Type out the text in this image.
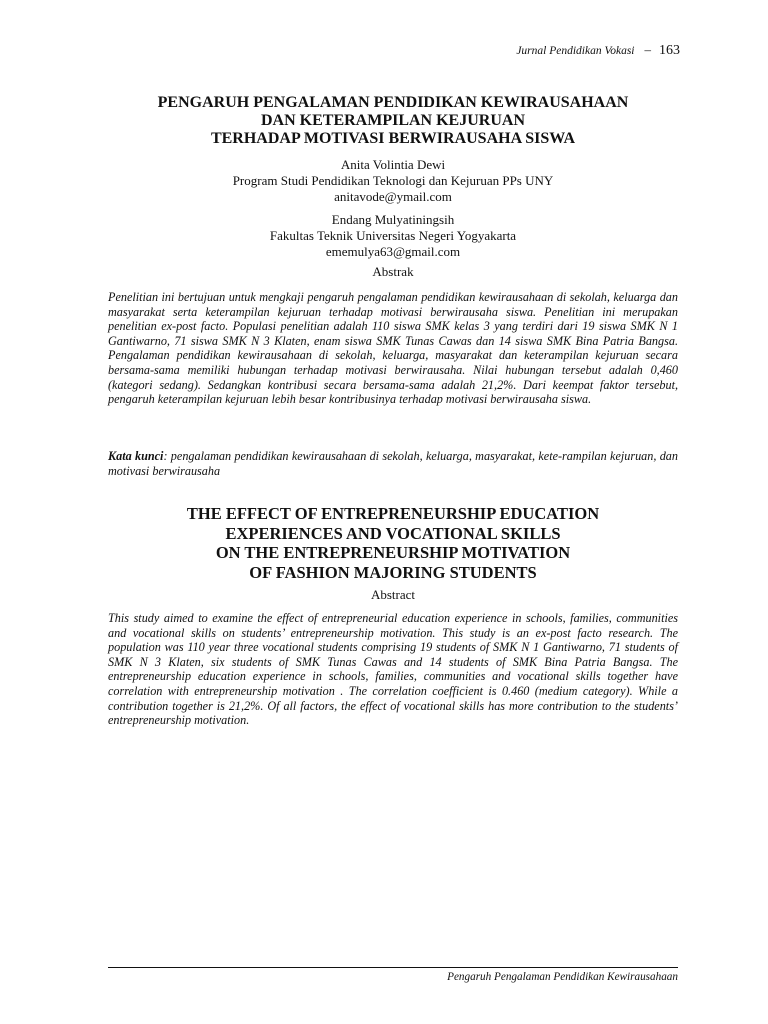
Jurnal Pendidikan Vokasi – 163
PENGARUH PENGALAMAN PENDIDIKAN KEWIRAUSAHAAN
DAN KETERAMPILAN KEJURUAN
TERHADAP MOTIVASI BERWIRAUSAHA SISWA
Anita Volintia Dewi
Program Studi Pendidikan Teknologi dan Kejuruan PPs UNY
anitavode@ymail.com
Endang Mulyatiningsih
Fakultas Teknik Universitas Negeri Yogyakarta
ememulya63@gmail.com
Abstrak
Penelitian ini bertujuan untuk mengkaji pengaruh pengalaman pendidikan kewirausahaan di sekolah, keluarga dan masyarakat serta keterampilan kejuruan terhadap motivasi berwirausaha siswa. Penelitian ini merupakan penelitian ex-post facto. Populasi penelitian adalah 110 siswa SMK kelas 3 yang terdiri dari 19 siswa SMK N 1 Gantiwarno, 71 siswa SMK N 3 Klaten, enam siswa SMK Tunas Cawas dan 14 siswa SMK Bina Patria Bangsa. Pengalaman pendidikan kewirausahaan di sekolah, keluarga, masyarakat dan keterampilan kejuruan secara bersama-sama memiliki hubungan terhadap motivasi berwirausaha. Nilai hubungan tersebut adalah 0,460 (kategori sedang). Sedangkan kontribusi secara bersama-sama adalah 21,2%. Dari keempat faktor tersebut, pengaruh keterampilan kejuruan lebih besar kontribusinya terhadap motivasi berwirausaha siswa.
Kata kunci: pengalaman pendidikan kewirausahaan di sekolah, keluarga, masyarakat, kete-rampilan kejuruan, dan motivasi berwirausaha
THE EFFECT OF ENTREPRENEURSHIP EDUCATION
EXPERIENCES AND VOCATIONAL SKILLS
ON THE ENTREPRENEURSHIP MOTIVATION
OF FASHION MAJORING STUDENTS
Abstract
This study aimed to examine the effect of entrepreneurial education experience in schools, families, communities and vocational skills on students’ entrepreneurship motivation. This study is an ex-post facto research. The population was 110 year three vocational students comprising 19 students of SMK N 1 Gantiwarno, 71 students of SMK N 3 Klaten, six students of SMK Tunas Cawas and 14 students of SMK Bina Patria Bangsa. The entrepreneurship education experience in schools, families, communities and vocational skills together have correlation with entrepreneurship motivation . The correlation coefficient is 0.460 (medium category). While a contribution together is 21,2%. Of all factors, the effect of vocational skills has more contribution to the students’ entrepreneurship motivation.
Pengaruh Pengalaman Pendidikan Kewirausahaan
